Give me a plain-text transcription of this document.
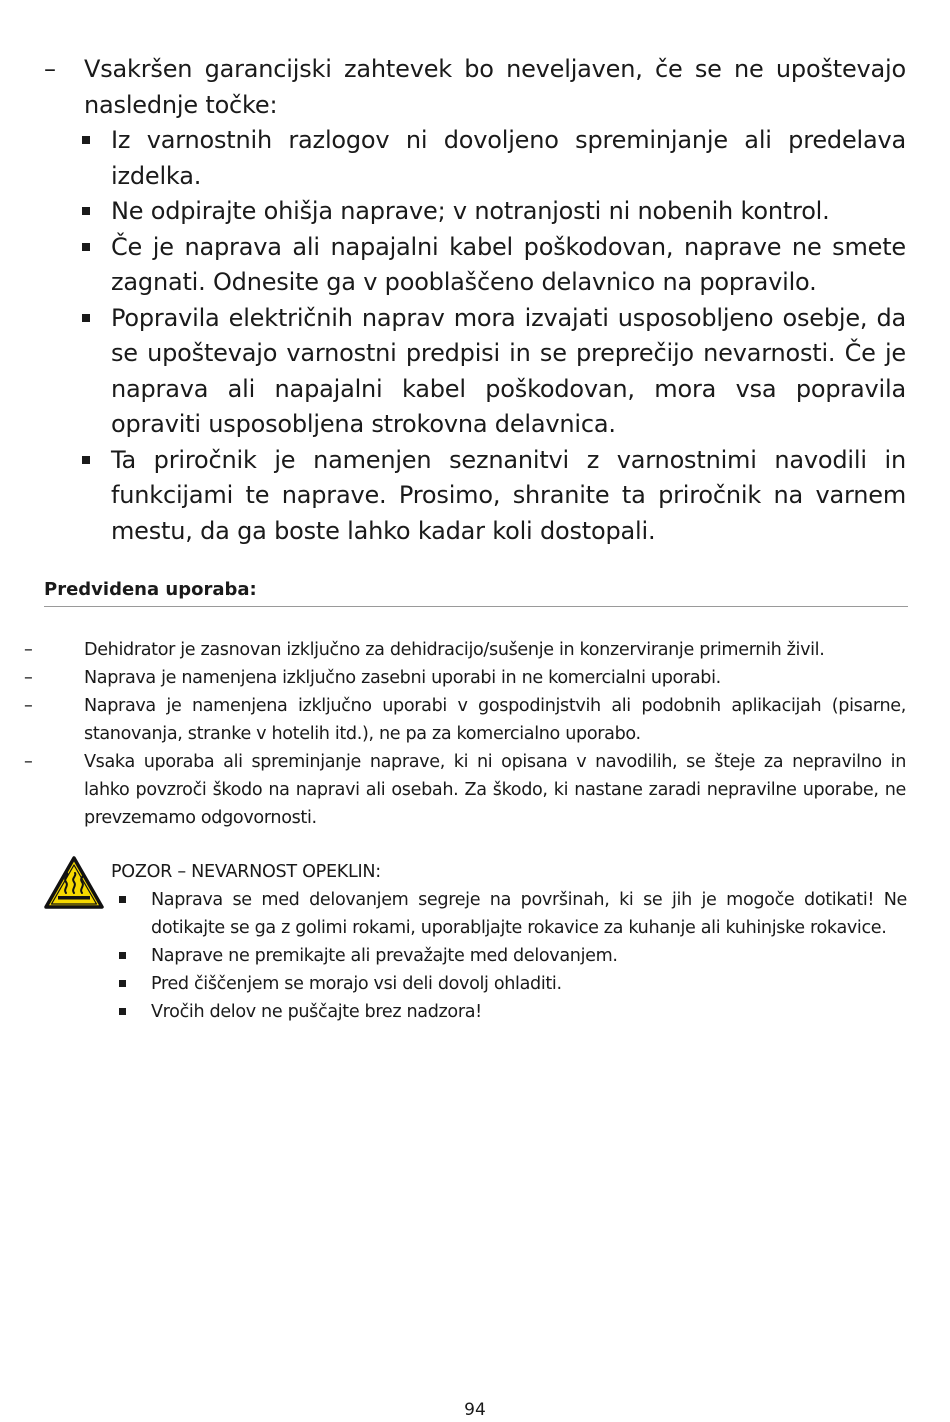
–	Vsakršen garancijski zahtevek bo neveljaven, če se ne upoštevajo naslednje točke:
Iz varnostnih razlogov ni dovoljeno spreminjanje ali predelava izdelka.
Ne odpirajte ohišja naprave; v notranjosti ni nobenih kontrol.
Če je naprava ali napajalni kabel poškodovan, naprave ne smete zagnati. Odnesite ga v pooblaščeno delavnico na popravilo.
Popravila električnih naprav mora izvajati usposobljeno osebje, da se upoštevajo varnostni predpisi in se preprečijo nevarnosti. Če je naprava ali napajalni kabel poškodovan, mora vsa popravila opraviti usposobljena strokovna delavnica.
Ta priročnik je namenjen seznanitvi z varnostnimi navodili in funkcijami te naprave. Prosimo, shranite ta priročnik na varnem mestu, da ga boste lahko kadar koli dostopali.
Predvidena uporaba:
–	Dehidrator je zasnovan izključno za dehidracijo/sušenje in konzerviranje primernih živil.
–	Naprava je namenjena izključno zasebni uporabi in ne komercialni uporabi.
–	Naprava je namenjena izključno uporabi v gospodinjstvih ali podobnih aplikacijah (pisarne, stanovanja, stranke v hotelih itd.), ne pa za komercialno uporabo.
–	Vsaka uporaba ali spreminjanje naprave, ki ni opisana v navodilih, se šteje za nepravilno in lahko povzroči škodo na napravi ali osebah. Za škodo, ki nastane zaradi nepravilne uporabe, ne prevzemamo odgovornosti.
POZOR – NEVARNOST OPEKLIN:
Naprava se med delovanjem segreje na površinah, ki se jih je mogoče dotikati! Ne dotikajte se ga z golimi rokami, uporabljajte rokavice za kuhanje ali kuhinjske rokavice.
Naprave ne premikajte ali prevažajte med delovanjem.
Pred čiščenjem se morajo vsi deli dovolj ohladiti.
Vročih delov ne puščajte brez nadzora!
94
